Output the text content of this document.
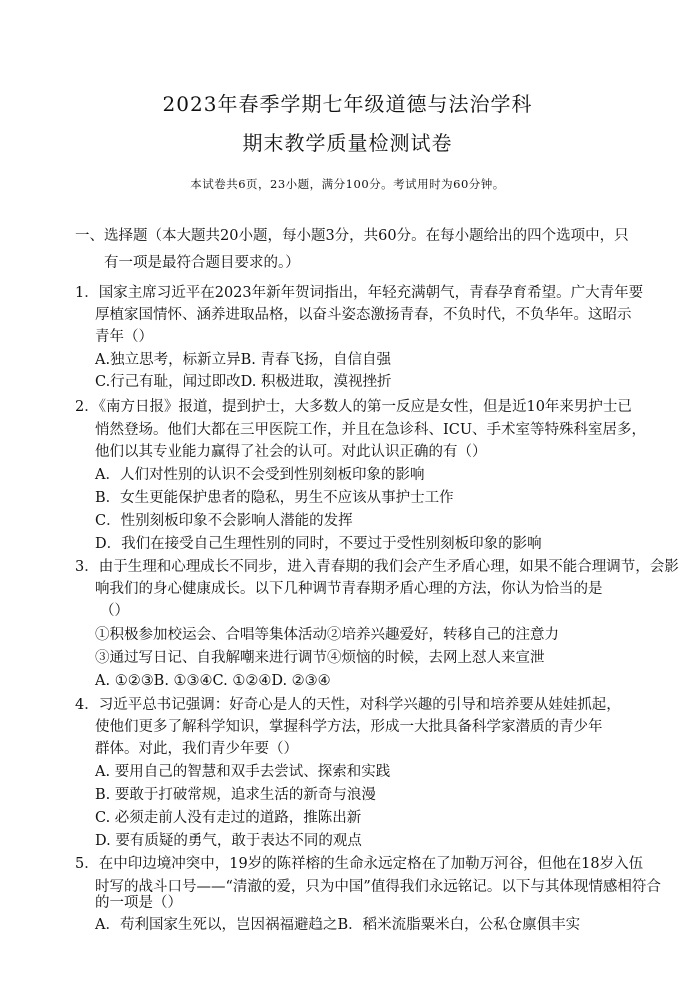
2023年春季学期七年级道德与法治学科
期末教学质量检测试卷
本试卷共6页，23小题，满分100分。考试用时为60分钟。
一、选择题（本大题共20小题，每小题3分，共60分。在每小题给出的四个选项中，只
有一项是最符合题目要求的。）
1．国家主席习近平在2023年新年贺词指出，年轻充满朝气，青春孕育希望。广大青年要
厚植家国情怀、涵养进取品格，以奋斗姿态激扬青春，不负时代，不负华年。这昭示
青年（）
A.独立思考，标新立异B. 青春飞扬，自信自强
C.行己有耻，闻过即改D. 积极进取，漠视挫折
2．《南方日报》报道，提到护士，大多数人的第一反应是女性，但是近10年来男护士已
悄然登场。他们大都在三甲医院工作，并且在急诊科、ICU、手术室等特殊科室居多，
他们以其专业能力赢得了社会的认可。对此认识正确的有（）
A．人们对性别的认识不会受到性别刻板印象的影响
B．女生更能保护患者的隐私，男生不应该从事护士工作
C．性别刻板印象不会影响人潜能的发挥
D．我们在接受自己生理性别的同时，不要过于受性别刻板印象的影响
3．由于生理和心理成长不同步，进入青春期的我们会产生矛盾心理，如果不能合理调节，会影
响我们的身心健康成长。以下几种调节青春期矛盾心理的方法，你认为恰当的是
（）
①积极参加校运会、合唱等集体活动②培养兴趣爱好，转移自己的注意力
③通过写日记、自我解嘲来进行调节④烦恼的时候，去网上怼人来宣泄
A. ①②③B. ①③④C. ①②④D. ②③④
4．习近平总书记强调：好奇心是人的天性，对科学兴趣的引导和培养要从娃娃抓起，
使他们更多了解科学知识，掌握科学方法，形成一大批具备科学家潜质的青少年
群体。对此，我们青少年要（）
A. 要用自己的智慧和双手去尝试、探索和实践
B. 要敢于打破常规，追求生活的新奇与浪漫
C. 必须走前人没有走过的道路，推陈出新
D. 要有质疑的勇气，敢于表达不同的观点
5．在中印边境冲突中，19岁的陈祥榕的生命永远定格在了加勒万河谷，但他在18岁入伍
时写的战斗口号——“清澈的爱，只为中国”值得我们永远铭记。以下与其体现情感相符合
的一项是（）
A．苟利国家生死以，岂因祸福避趋之B．稻米流脂粟米白，公私仓廪俱丰实
